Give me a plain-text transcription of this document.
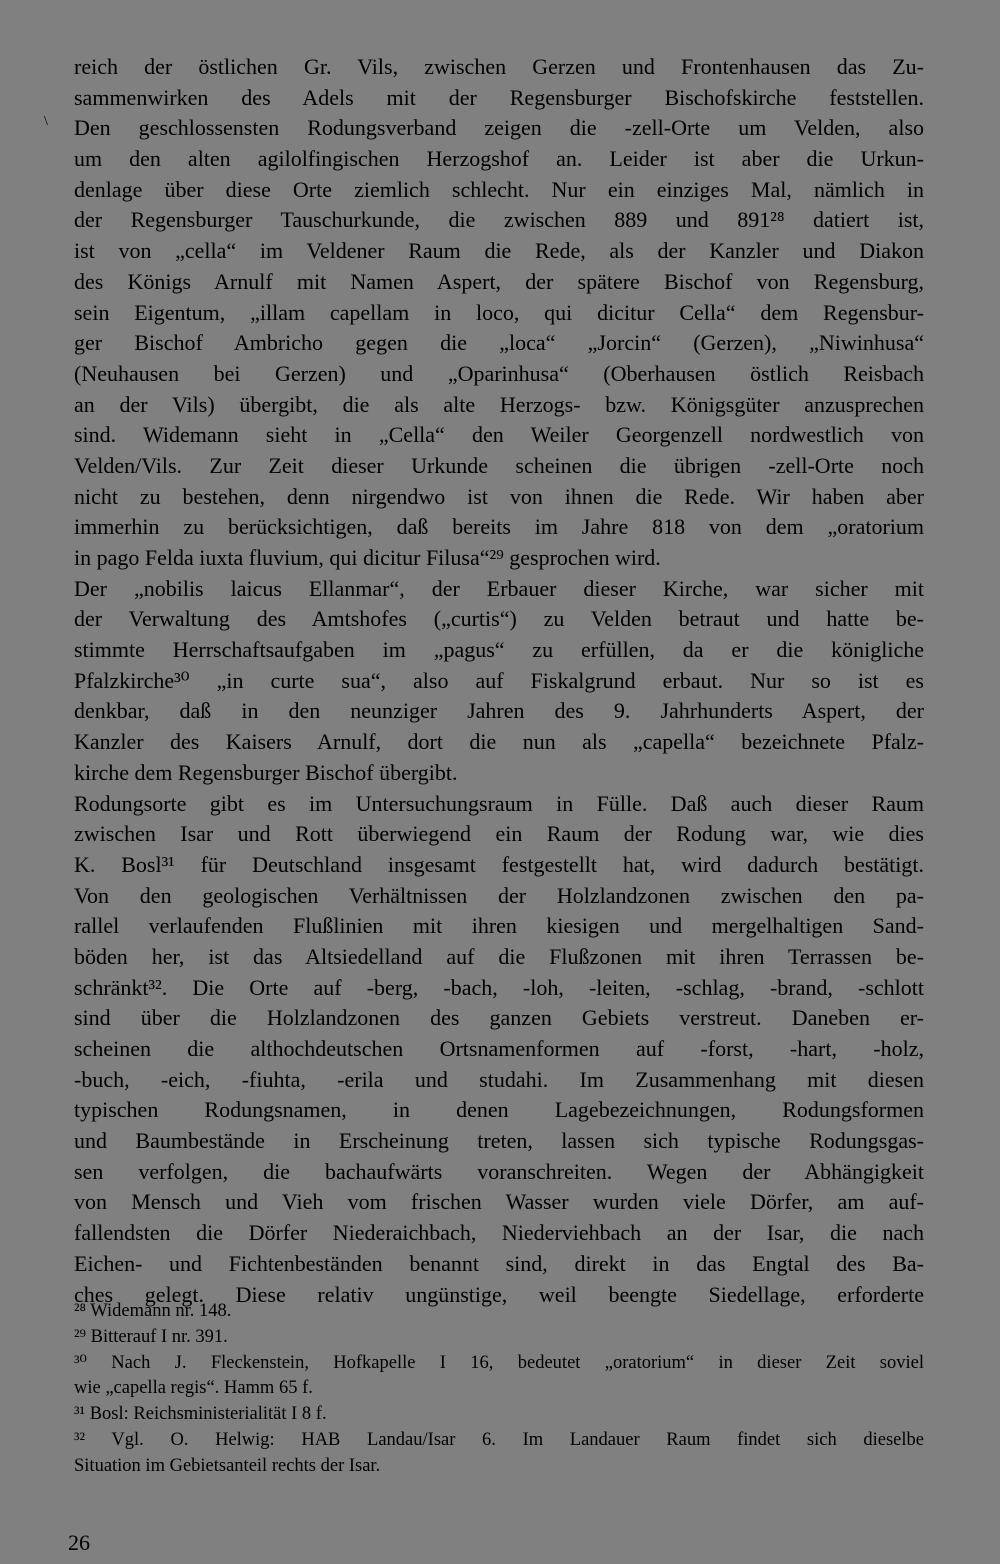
\
reich der östlichen Gr. Vils, zwischen Gerzen und Frontenhausen das Zu-
sammenwirken des Adels mit der Regensburger Bischofskirche feststellen.
Den geschlossensten Rodungsverband zeigen die -zell-Orte um Velden, also
um den alten agilolfingischen Herzogshof an. Leider ist aber die Urkun-
denlage über diese Orte ziemlich schlecht. Nur ein einziges Mal, nämlich in
der Regensburger Tauschurkunde, die zwischen 889 und 891²⁸ datiert ist,
ist von „cella“ im Veldener Raum die Rede, als der Kanzler und Diakon
des Königs Arnulf mit Namen Aspert, der spätere Bischof von Regensburg,
sein Eigentum, „illam capellam in loco, qui dicitur Cella“ dem Regensbur-
ger Bischof Ambricho gegen die „loca“ „Jorcin“ (Gerzen), „Niwinhusa“
(Neuhausen bei Gerzen) und „Oparinhusa“ (Oberhausen östlich Reisbach
an der Vils) übergibt, die als alte Herzogs- bzw. Königsgüter anzusprechen
sind. Widemann sieht in „Cella“ den Weiler Georgenzell nordwestlich von
Velden/Vils. Zur Zeit dieser Urkunde scheinen die übrigen -zell-Orte noch
nicht zu bestehen, denn nirgendwo ist von ihnen die Rede. Wir haben aber
immerhin zu berücksichtigen, daß bereits im Jahre 818 von dem „oratorium
in pago Felda iuxta fluvium, qui dicitur Filusa“²⁹ gesprochen wird.
Der „nobilis laicus Ellanmar“, der Erbauer dieser Kirche, war sicher mit
der Verwaltung des Amtshofes („curtis“) zu Velden betraut und hatte be-
stimmte Herrschaftsaufgaben im „pagus“ zu erfüllen, da er die königliche
Pfalzkirche³⁰ „in curte sua“, also auf Fiskalgrund erbaut. Nur so ist es
denkbar, daß in den neunziger Jahren des 9. Jahrhunderts Aspert, der
Kanzler des Kaisers Arnulf, dort die nun als „capella“ bezeichnete Pfalz-
kirche dem Regensburger Bischof übergibt.
Rodungsorte gibt es im Untersuchungsraum in Fülle. Daß auch dieser Raum
zwischen Isar und Rott überwiegend ein Raum der Rodung war, wie dies
K. Bosl³¹ für Deutschland insgesamt festgestellt hat, wird dadurch bestätigt.
Von den geologischen Verhältnissen der Holzlandzonen zwischen den pa-
rallel verlaufenden Flußlinien mit ihren kiesigen und mergelhaltigen Sand-
böden her, ist das Altsiedelland auf die Flußzonen mit ihren Terrassen be-
schränkt³². Die Orte auf -berg, -bach, -loh, -leiten, -schlag, -brand, -schlott
sind über die Holzlandzonen des ganzen Gebiets verstreut. Daneben er-
scheinen die althochdeutschen Ortsnamenformen auf -forst, -hart, -holz,
-buch, -eich, -fiuhta, -erila und studahi. Im Zusammenhang mit diesen
typischen Rodungsnamen, in denen Lagebezeichnungen, Rodungsformen
und Baumbestände in Erscheinung treten, lassen sich typische Rodungsgas-
sen verfolgen, die bachaufwärts voranschreiten. Wegen der Abhängigkeit
von Mensch und Vieh vom frischen Wasser wurden viele Dörfer, am auf-
fallendsten die Dörfer Niederaichbach, Niederviehbach an der Isar, die nach
Eichen- und Fichtenbeständen benannt sind, direkt in das Engtal des Ba-
ches gelegt. Diese relativ ungünstige, weil beengte Siedellage, erforderte
²⁸ Widemann nr. 148.
²⁹ Bitterauf I nr. 391.
³⁰ Nach J. Fleckenstein, Hofkapelle I 16, bedeutet „oratorium“ in dieser Zeit soviel
wie „capella regis“. Hamm 65 f.
³¹ Bosl: Reichsministerialität I 8 f.
³² Vgl. O. Helwig: HAB Landau/Isar 6. Im Landauer Raum findet sich dieselbe
Situation im Gebietsanteil rechts der Isar.
26
